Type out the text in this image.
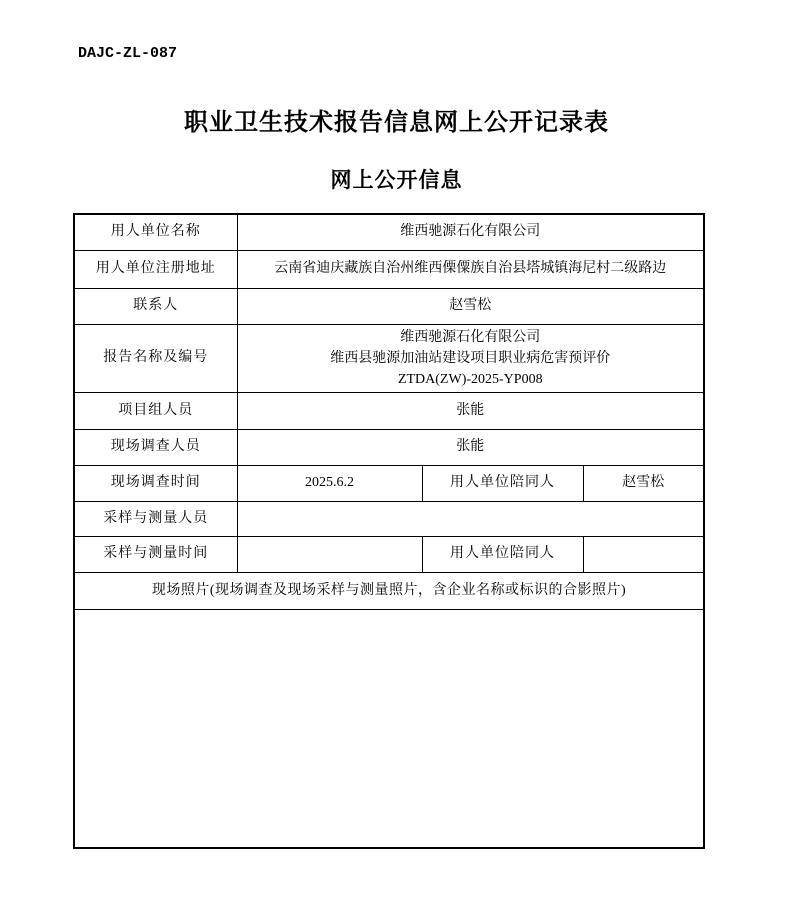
DAJC-ZL-087
职业卫生技术报告信息网上公开记录表
网上公开信息
用人单位名称	维西驰源石化有限公司		
用人单位注册地址	云南省迪庆藏族自治州维西傈僳族自治县塔城镇海尼村二级路边		
联系人	赵雪松		
报告名称及编号	维西驰源石化有限公司
维西县驰源加油站建设项目职业病危害预评价
ZTDA(ZW)-2025-YP008		

项目组人员	张能		
现场调查人员	张能		
现场调查时间	2025.6.2	用人单位陪同人	赵雪松
采样与测量人员			
采样与测量时间		用人单位陪同人	
现场照片(现场调查及现场采样与测量照片，含企业名称或标识的合影照片)			
